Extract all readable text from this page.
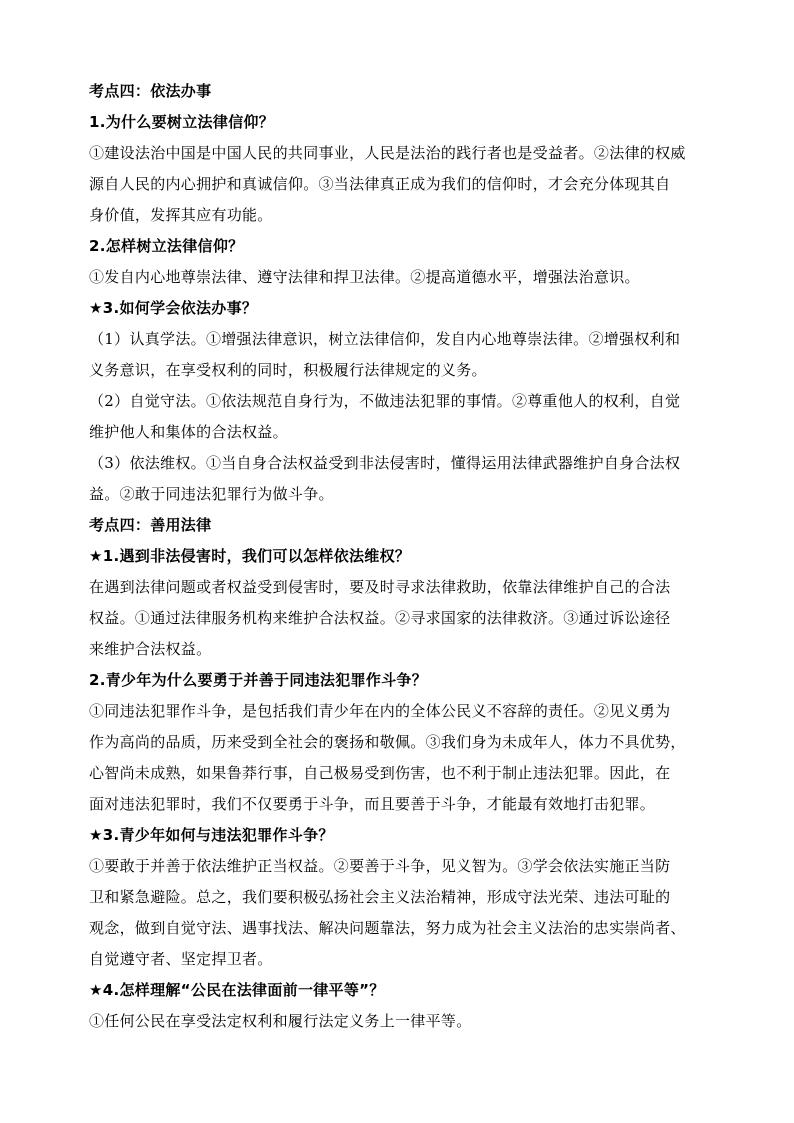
考点四：依法办事
1.为什么要树立法律信仰？
①建设法治中国是中国人民的共同事业，人民是法治的践行者也是受益者。②法律的权威
源自人民的内心拥护和真诚信仰。③当法律真正成为我们的信仰时，才会充分体现其自
身价值，发挥其应有功能。
2.怎样树立法律信仰？
①发自内心地尊崇法律、遵守法律和捍卫法律。②提高道德水平，增强法治意识。
★3.如何学会依法办事？
（1）认真学法。①增强法律意识，树立法律信仰，发自内心地尊崇法律。②增强权利和
义务意识，在享受权利的同时，积极履行法律规定的义务。
（2）自觉守法。①依法规范自身行为，不做违法犯罪的事情。②尊重他人的权利，自觉
维护他人和集体的合法权益。
（3）依法维权。①当自身合法权益受到非法侵害时，懂得运用法律武器维护自身合法权
益。②敢于同违法犯罪行为做斗争。
考点四：善用法律
★1.遇到非法侵害时，我们可以怎样依法维权？
在遇到法律问题或者权益受到侵害时，要及时寻求法律救助，依靠法律维护自己的合法
权益。①通过法律服务机构来维护合法权益。②寻求国家的法律救济。③通过诉讼途径
来维护合法权益。
2.青少年为什么要勇于并善于同违法犯罪作斗争？
①同违法犯罪作斗争，是包括我们青少年在内的全体公民义不容辞的责任。②见义勇为
作为高尚的品质，历来受到全社会的褒扬和敬佩。③我们身为未成年人，体力不具优势，
心智尚未成熟，如果鲁莽行事，自己极易受到伤害，也不利于制止违法犯罪。因此，在
面对违法犯罪时，我们不仅要勇于斗争，而且要善于斗争，才能最有效地打击犯罪。
★3.青少年如何与违法犯罪作斗争？
①要敢于并善于依法维护正当权益。②要善于斗争，见义智为。③学会依法实施正当防
卫和紧急避险。总之，我们要积极弘扬社会主义法治精神，形成守法光荣、违法可耻的
观念，做到自觉守法、遇事找法、解决问题靠法，努力成为社会主义法治的忠实崇尚者、
自觉遵守者、坚定捍卫者。
★4.怎样理解“公民在法律面前一律平等”？
①任何公民在享受法定权利和履行法定义务上一律平等。
